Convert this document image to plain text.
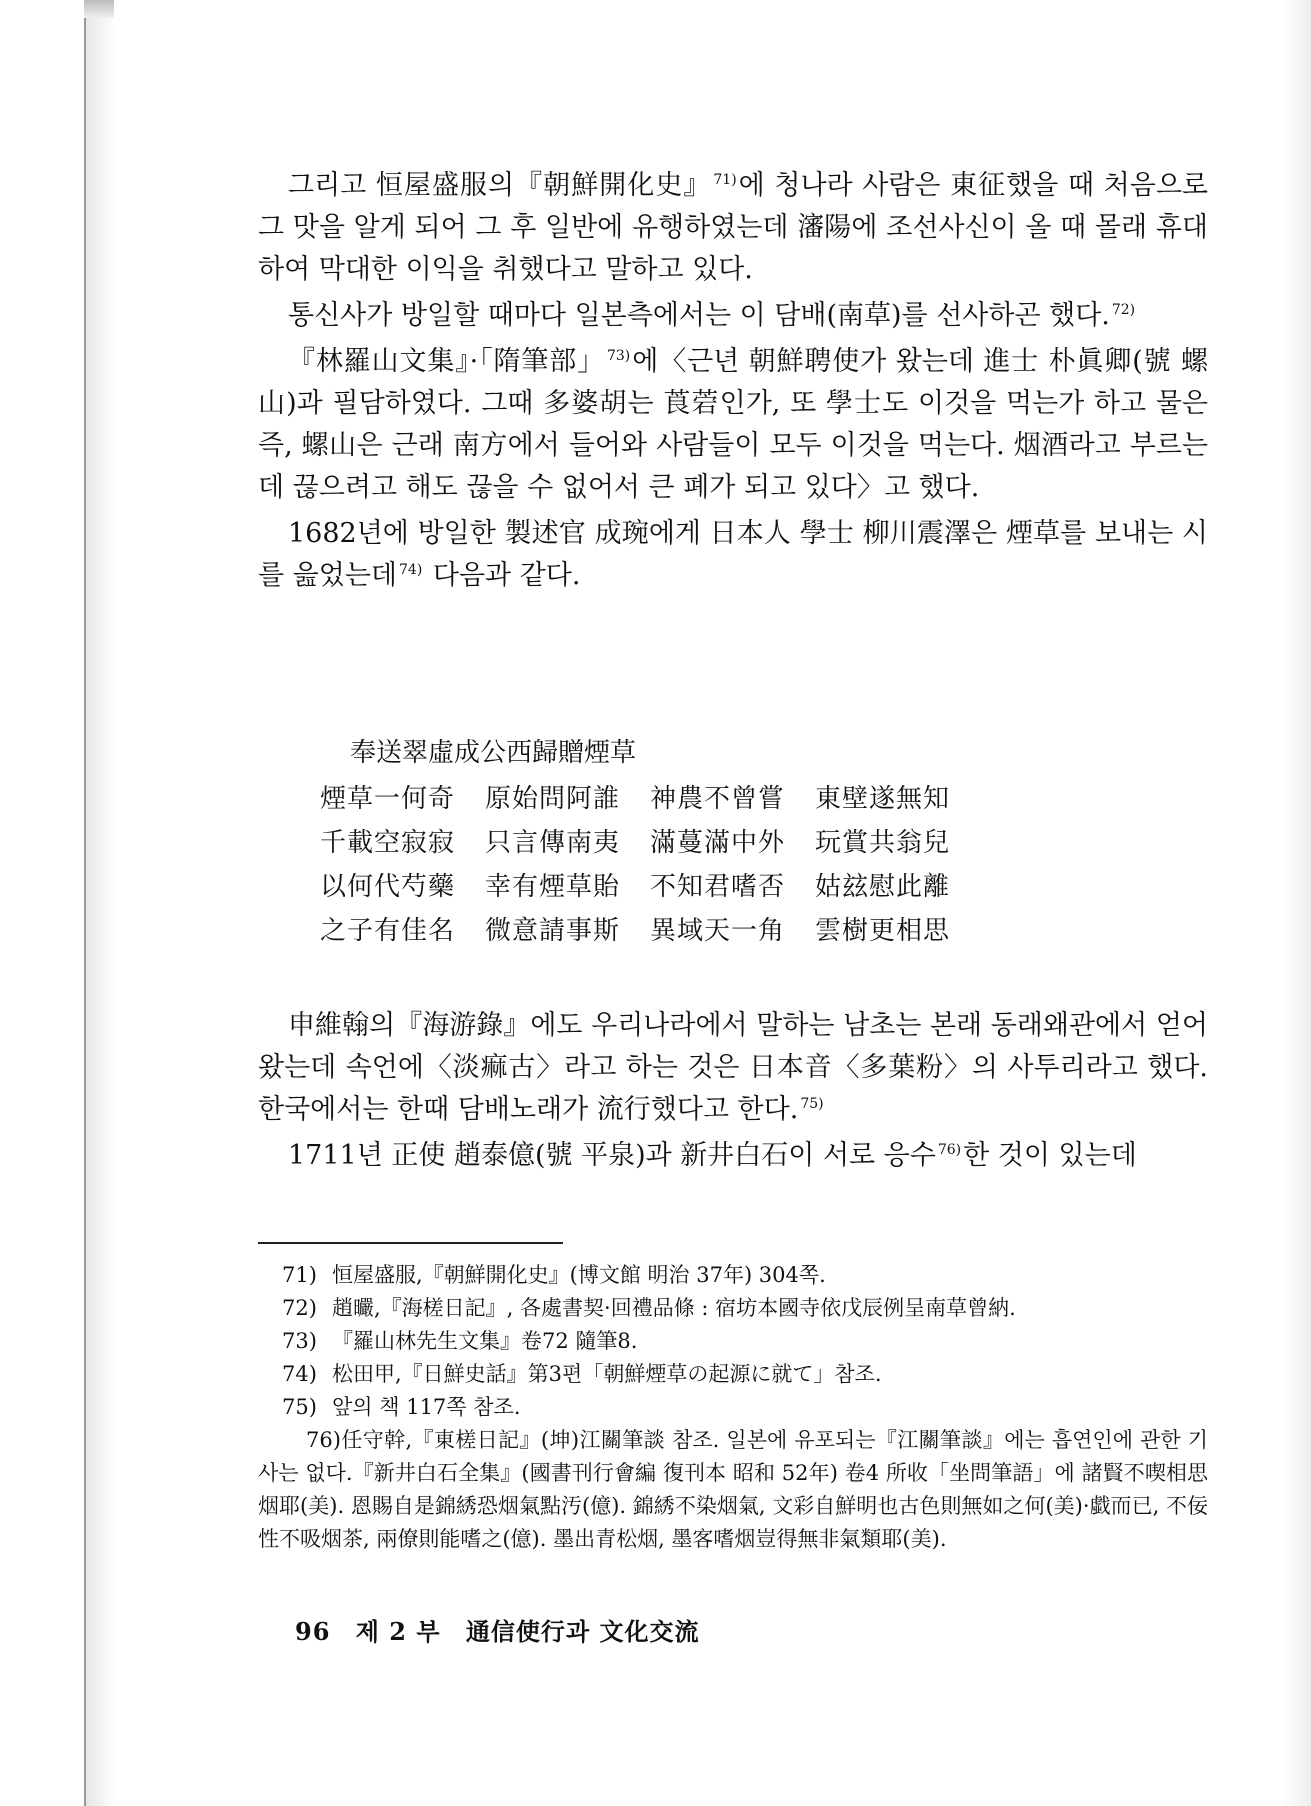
그리고 恒屋盛服의『朝鮮開化史』 $^{71)}$에 청나라 사람은 東征했을 때 처음으로 그 맛을 알게 되어 그 후 일반에 유행하였는데 瀋陽에 조선사신이 올 때 몰래 휴대하여 막대한 이익을 취했다고 말하고 있다.

통신사가 방일할 때마다 일본측에서는 이 담배(南草)를 선사하곤 했다. $^{72)}$

『林羅山文集』·「隋筆部」 $^{73)}$에〈근년 朝鮮聘使가 왔는데 進士 朴眞卿(號 螺山)과 필담하였다. 그때 多婆胡는 莨菪인가, 또 學士도 이것을 먹는가 하고 물은즉, 螺山은 근래 南方에서 들어와 사람들이 모두 이것을 먹는다. 烟酒라고 부르는데 끊으려고 해도 끊을 수 없어서 큰 폐가 되고 있다〉고 했다.

1682년에 방일한 製述官 成琬에게 日本人 學士 柳川震澤은 煙草를 보내는 시를 읊었는데 $^{74)}$ 다음과 같다.

奉送翠虛成公西歸贈煙草
煙草一何奇	原始問阿誰	神農不曾嘗	東壁遂無知
千載空寂寂	只言傳南夷	滿蔓滿中外	玩賞共翁兒
以何代芍藥	幸有煙草貽	不知君嗜否	姑玆慰此離
之子有佳名	微意請事斯	異域天一角	雲樹更相思

申維翰의『海游錄』에도 우리나라에서 말하는 남초는 본래 동래왜관에서 얻어왔는데 속언에〈淡痲古〉라고 하는 것은 日本音〈多葉粉〉의 사투리라고 했다. 한국에서는 한때 담배노래가 流行했다고 한다. $^{75)}$

1711년 正使 趙泰億(號 平泉)과 新井白石이 서로 응수 $^{76)}$한 것이 있는데

71) 恒屋盛服,『朝鮮開化史』(博文館 明治 37年) 304쪽.

72) 趙曮,『海槎日記』, 各處書契·回禮品條 : 宿坊本國寺依戊辰例呈南草曾納.

73) 『羅山林先生文集』卷72 隨筆8.

74) 松田甲,『日鮮史話』第3편「朝鮮煙草の起源に就て」참조.

75) 앞의 책 117쪽 참조.

76)任守幹,『東槎日記』(坤)江關筆談 참조. 일본에 유포되는『江關筆談』에는 흡연인에 관한 기사는 없다.『新井白石全集』(國書刊行會編 復刊本 昭和 52年) 卷4 所收「坐問筆語」에 諸賢不喫相思烟耶(美). 恩賜自是錦綉恐烟氣點汚(億). 錦綉不染烟氣, 文彩自鮮明也古色則無如之何(美)·戱而已, 不佞性不吸烟茶, 兩僚則能嗜之(億). 墨出青松烟, 墨客嗜烟豈得無非氣類耶(美).

96 제 2 부 通信使行과 文化交流
